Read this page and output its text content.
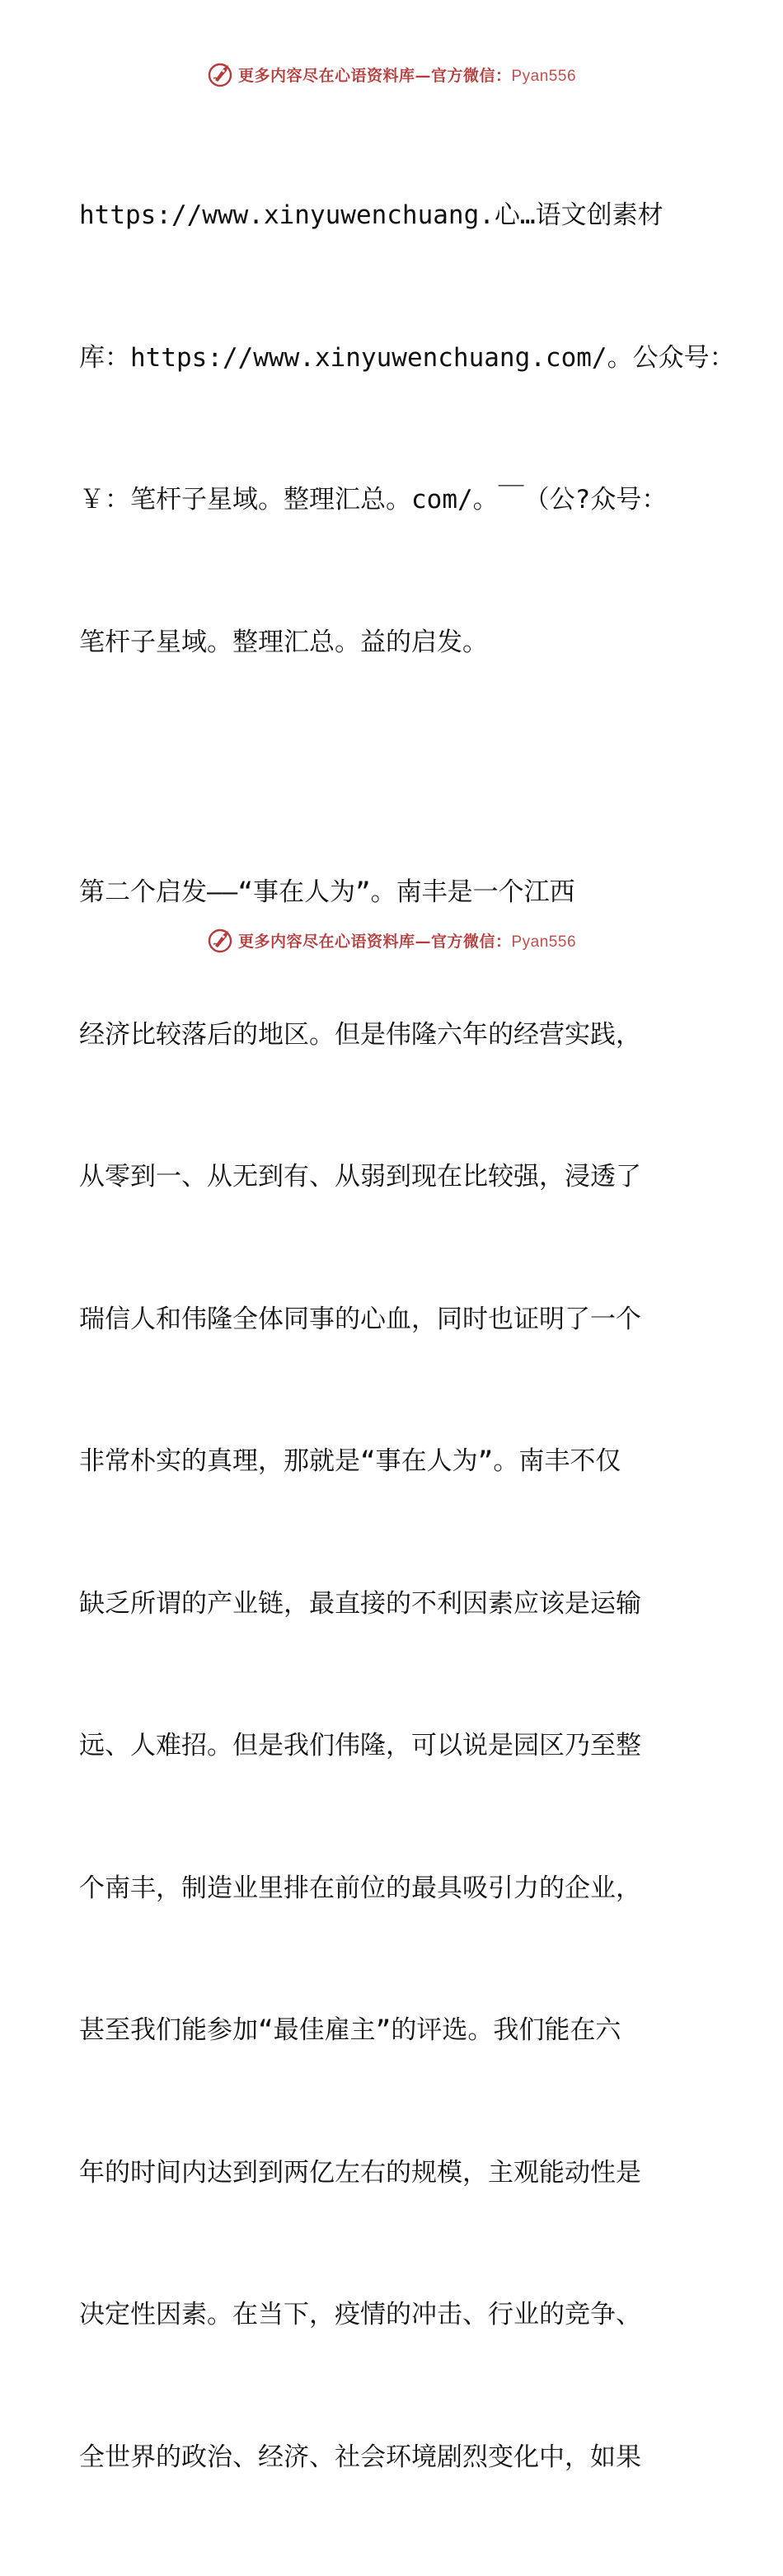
更多内容尽在心语资料库—官方微信：Pyan556

https://www.xinyuwenchuang.心…语文创素材

库：https://www.xinyuwenchuang.com/。公众号：

￥：笔杆子星域。整理汇总。com/。￣（公?众号：

笔杆子星域。整理汇总。益的启发。

第二个启发——“事在人为”。南丰是一个江西

经济比较落后的地区。但是伟隆六年的经营实践，

从零到一、从无到有、从弱到现在比较强，浸透了

瑞信人和伟隆全体同事的心血，同时也证明了一个

非常朴实的真理，那就是“事在人为”。南丰不仅

缺乏所谓的产业链，最直接的不利因素应该是运输

远、人难招。但是我们伟隆，可以说是园区乃至整

个南丰，制造业里排在前位的最具吸引力的企业，

甚至我们能参加“最佳雇主”的评选。我们能在六

年的时间内达到到两亿左右的规模，主观能动性是

决定性因素。在当下，疫情的冲击、行业的竞争、

全世界的政治、经济、社会环境剧烈变化中，如果

更多内容尽在心语资料库—官方微信：Pyan556
